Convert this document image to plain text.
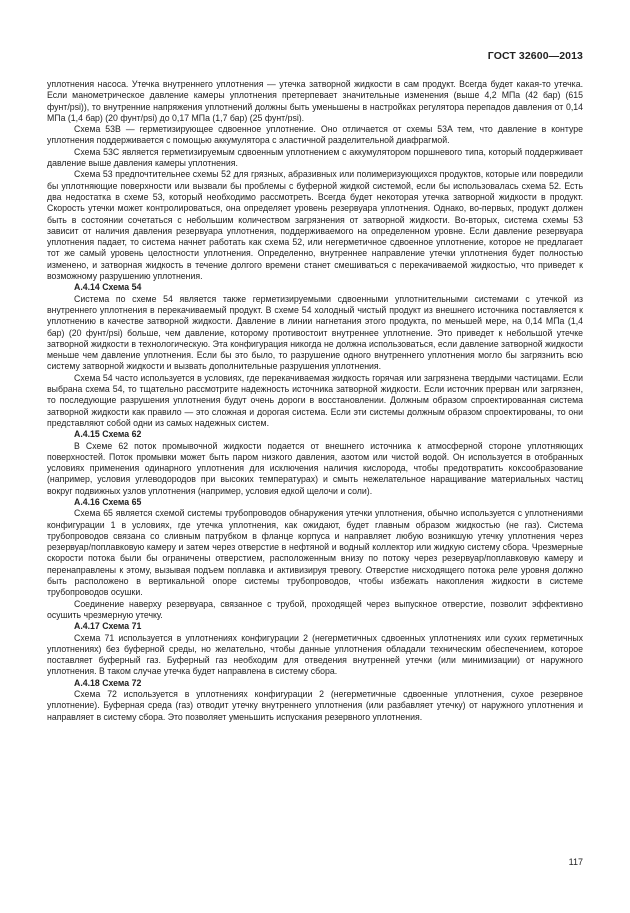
ГОСТ 32600—2013

уплотнения насоса. Утечка внутреннего уплотнения — утечка затворной жидкости в сам продукт. Всегда будет какая-то утечка. Если манометрическое давление камеры уплотнения претерпевает значительные изменения (выше 4,2 МПа (42 бар) (615 фунт/psi)), то внутренние напряжения уплотнений должны быть уменьшены в настройках регулятора перепадов давления от 0,14 МПа (1,4 бар) (20 фунт/psi) до 0,17 МПа (1,7 бар) (25 фунт/psi).

Схема 53B — герметизирующее сдвоенное уплотнение. Оно отличается от схемы 53A тем, что давление в контуре уплотнения поддерживается с помощью аккумулятора с эластичной разделительной диафрагмой.

Схема 53C является герметизируемым сдвоенным уплотнением с аккумулятором поршневого типа, который поддерживает давление выше давления камеры уплотнения.

Схема 53 предпочтительнее схемы 52 для грязных, абразивных или полимеризующихся продуктов, которые или повредили бы уплотняющие поверхности или вызвали бы проблемы с буферной жидкой системой, если бы использовалась схема 52. Есть два недостатка в схеме 53, который необходимо рассмотреть. Всегда будет некоторая утечка затворной жидкости в продукт. Скорость утечки может контролироваться, она определяет уровень резервуара уплотнения. Однако, во-первых, продукт должен быть в состоянии сочетаться с небольшим количеством загрязнения от затворной жидкости. Во-вторых, система схемы 53 зависит от наличия давления резервуара уплотнения, поддерживаемого на определенном уровне. Если давление резервуара уплотнения падает, то система начнет работать как схема 52, или негерметичное сдвоенное уплотнение, которое не предлагает тот же самый уровень целостности уплотнения. Определенно, внутреннее направление утечки уплотнения будет полностью изменено, и затворная жидкость в течение долгого времени станет смешиваться с перекачиваемой жидкостью, что приведет к возможному разрушению уплотнения.

A.4.14 Схема 54

Система по схеме 54 является также герметизируемыми сдвоенными уплотнительными системами с утечкой из внутреннего уплотнения в перекачиваемый продукт. В схеме 54 холодный чистый продукт из внешнего источника поставляется к уплотнению в качестве затворной жидкости. Давление в линии нагнетания этого продукта, по меньшей мере, на 0,14 МПа (1,4 бар) (20 фунт/psi) больше, чем давление, которому противостоит внутреннее уплотнение. Это приведет к небольшой утечке затворной жидкости в технологическую. Эта конфигурация никогда не должна использоваться, если давление затворной жидкости меньше чем давление уплотнения. Если бы это было, то разрушение одного внутреннего уплотнения могло бы загрязнить всю систему затворной жидкости и вызвать дополнительные разрушения уплотнения.

Схема 54 часто используется в условиях, где перекачиваемая жидкость горячая или загрязнена твердыми частицами. Если выбрана схема 54, то тщательно рассмотрите надежность источника затворной жидкости. Если источник прерван или загрязнен, то последующие разрушения уплотнения будут очень дороги в восстановлении. Должным образом спроектированная система затворной жидкости как правило — это сложная и дорогая система. Если эти системы должным образом спроектированы, то они представляют собой одни из самых надежных систем.

A.4.15 Схема 62

В Схеме 62 поток промывочной жидкости подается от внешнего источника к атмосферной стороне уплотняющих поверхностей. Поток промывки может быть паром низкого давления, азотом или чистой водой. Он используется в отобранных условиях применения одинарного уплотнения для исключения наличия кислорода, чтобы предотвратить коксообразование (например, условия углеводородов при высоких температурах) и смыть нежелательное наращивание материальных частиц вокруг подвижных узлов уплотнения (например, условия едкой щелочи и соли).

A.4.16 Схема 65

Схема 65 является схемой системы трубопроводов обнаружения утечки уплотнения, обычно используется с уплотнениями конфигурации 1 в условиях, где утечка уплотнения, как ожидают, будет главным образом жидкостью (не газ). Система трубопроводов связана со сливным патрубком в фланце корпуса и направляет любую возникшую утечку уплотнения через резервуар/поплавковую камеру и затем через отверстие в нефтяной и водный коллектор или жидкую систему сбора. Чрезмерные скорости потока были бы ограничены отверстием, расположенным внизу по потоку через резервуар/поплавковую камеру и перенаправлены к этому, вызывая подъем поплавка и активизируя тревогу. Отверстие нисходящего потока реле уровня должно быть расположено в вертикальной опоре системы трубопроводов, чтобы избежать накопления жидкости в системе трубопроводов осушки.

Соединение наверху резервуара, связанное с трубой, проходящей через выпускное отверстие, позволит эффективно осушить чрезмерную утечку.

A.4.17 Схема 71

Схема 71 используется в уплотнениях конфигурации 2 (негерметичных сдвоенных уплотнениях или сухих герметичных уплотнениях) без буферной среды, но желательно, чтобы данные уплотнения обладали техническим обеспечением, которое поставляет буферный газ. Буферный газ необходим для отведения внутренней утечки (или минимизации) от наружного уплотнения. В таком случае утечка будет направлена в систему сбора.

A.4.18 Схема 72

Схема 72 используется в уплотнениях конфигурации 2 (негерметичные сдвоенные уплотнения, сухое резервное уплотнение). Буферная среда (газ) отводит утечку внутреннего уплотнения (или разбавляет утечку) от наружного уплотнения и направляет в систему сбора. Это позволяет уменьшить испускания резервного уплотнения.

117
